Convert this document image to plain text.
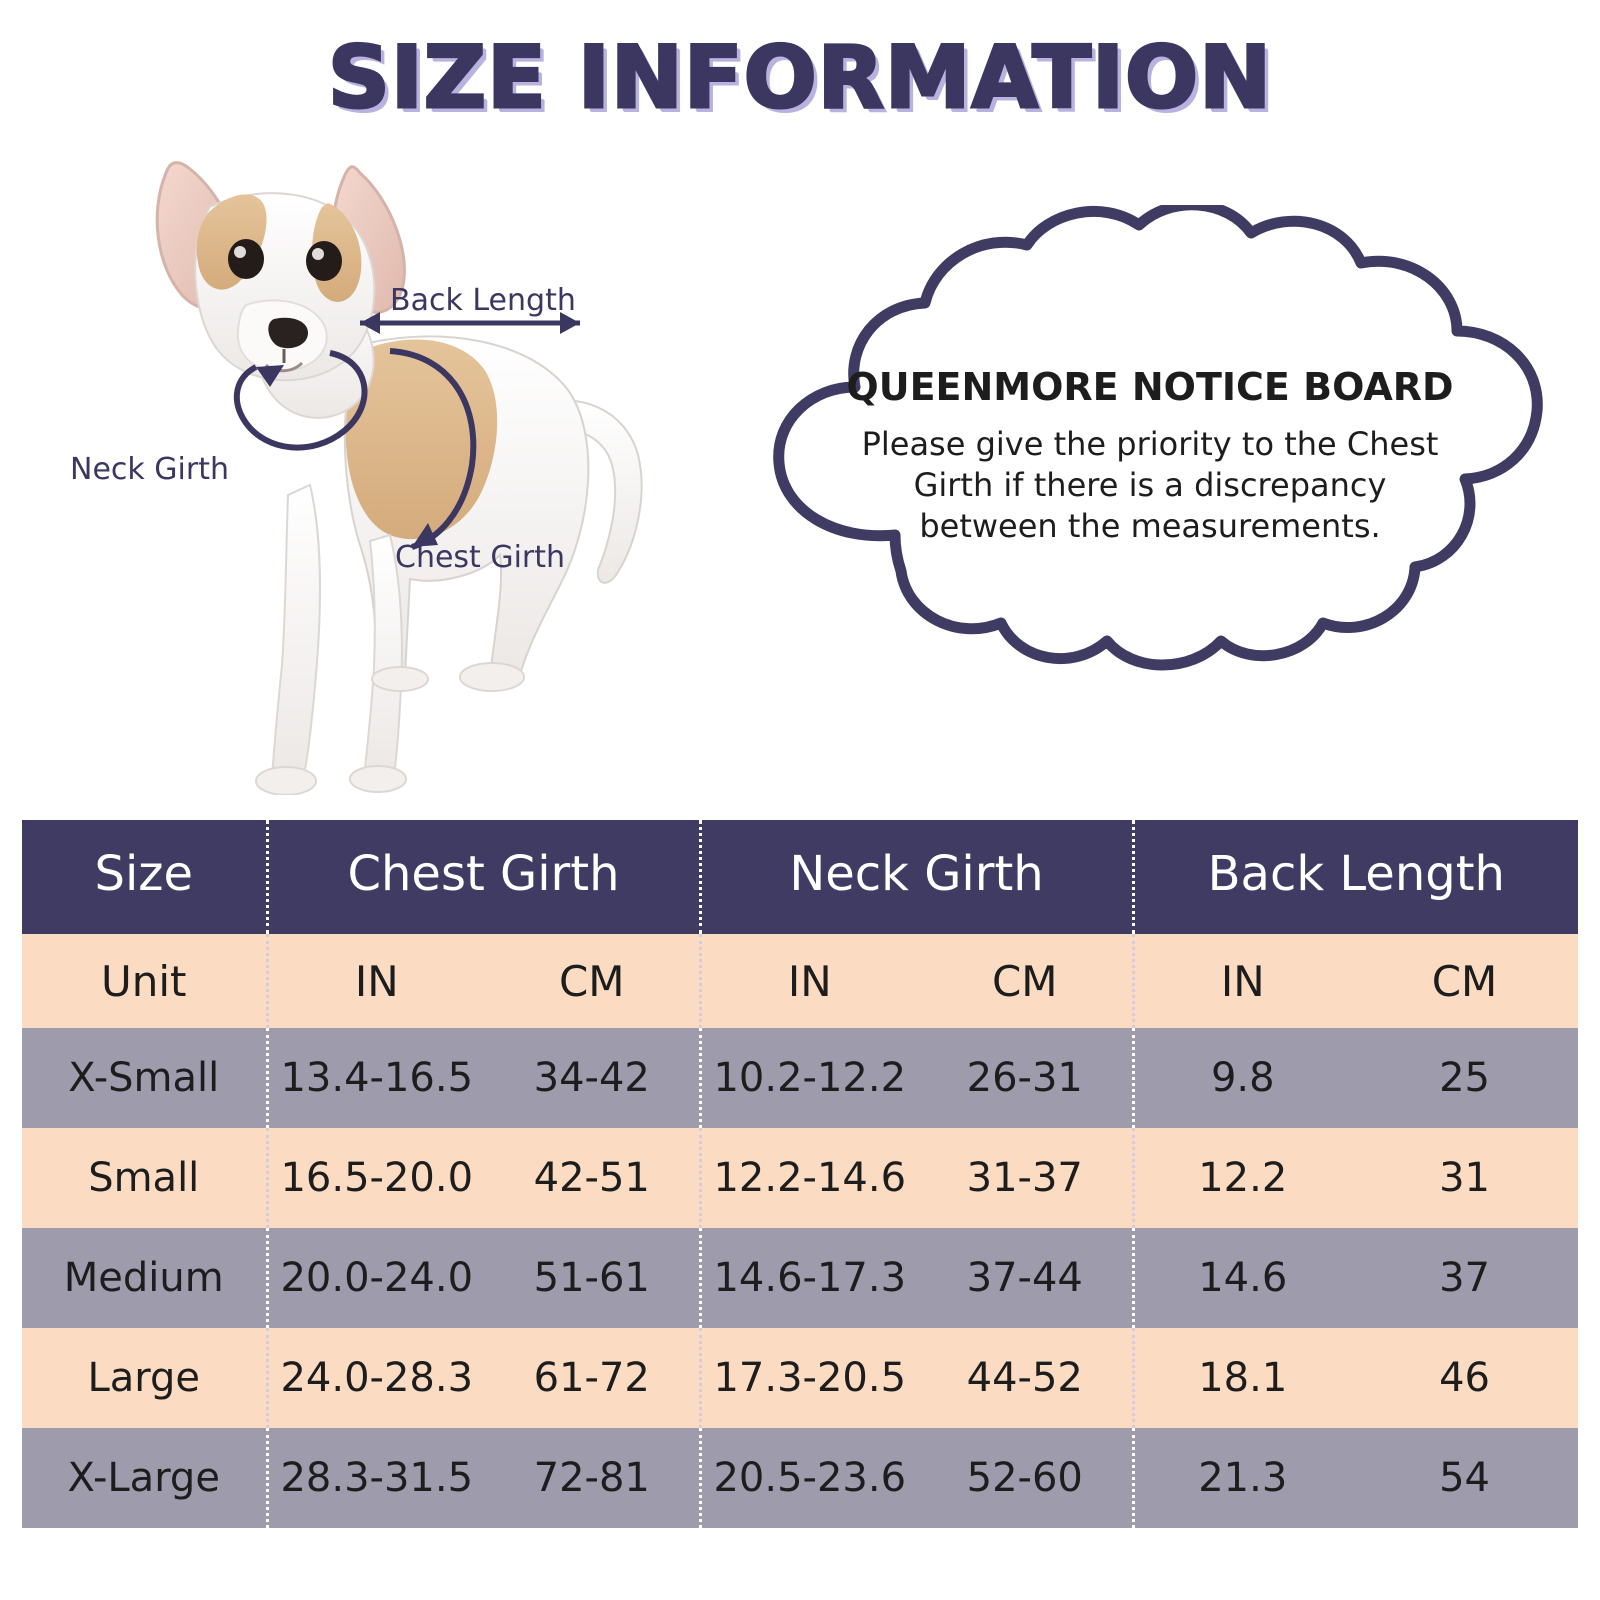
SIZE INFORMATION
Back Length
Neck Girth
Chest Girth
QUEENMORE NOTICE BOARD
Please give the priority to the Chest Girth if there is a discrepancy between the measurements.
Size	Chest Girth		Neck Girth		Back Length	
Unit	IN	CM	IN	CM	IN	CM
X-Small	13.4-16.5	34-42	10.2-12.2	26-31	9.8	25
Small	16.5-20.0	42-51	12.2-14.6	31-37	12.2	31
Medium	20.0-24.0	51-61	14.6-17.3	37-44	14.6	37
Large	24.0-28.3	61-72	17.3-20.5	44-52	18.1	46
X-Large	28.3-31.5	72-81	20.5-23.6	52-60	21.3	54
